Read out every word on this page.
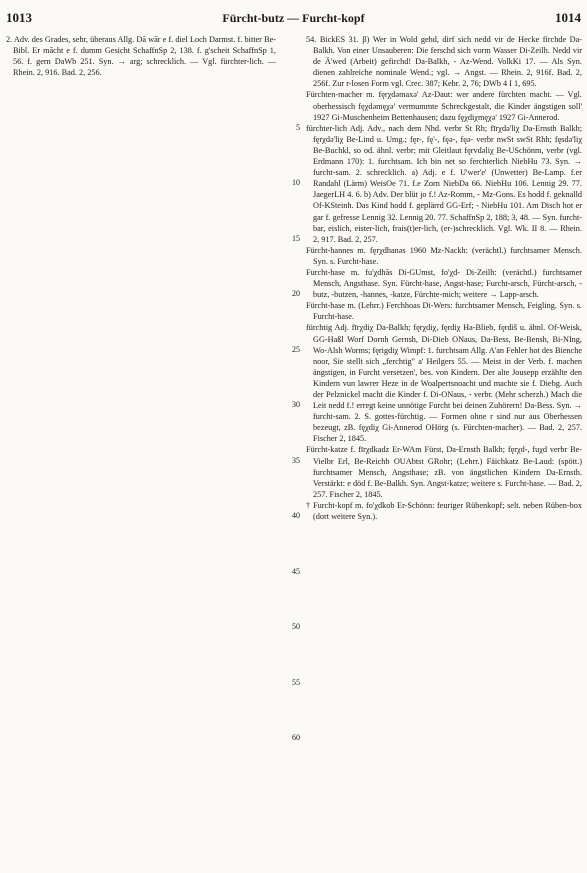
1013	Fürcht-butz — Furcht-kopf	1014

2. Adv. des Grades, sehr, überaus Allg. Dā wār e f. diel Loch Darmst. f. bitter Be-Bibl. Er mācht e f. dumm Gesicht SchaffnSp 2, 138. f. g'scheit SchaffnSp 1, 56. f. gern DaWb 251. Syn. → arg; schrecklich. — Vgl. fürchter-lich. — Rhein. 2, 916. Bad. 2, 256.

5
10
15
20
25
30
35
40
45
50
55
60

54. BickES 31. β) Wer in Wold gehd, dirf sich nedd vir de Hecke firchde Da-Balkh. Von einer Unsauberen: Die ferschd sich vorm Wasser Di-Zeilh. Nedd vir de Ä'wed (Arbeit) gefirchd! Da-Balkh, - Az-Wend. VolkKi 17. — Als Syn. dienen zahlreiche nominale Wend.; vgl. → Angst. — Rhein. 2, 916f. Bad. 2, 256f. Zur r-losen Form vgl. Crec. 387; Kehr. 2, 76; DWb 4 I 1, 695.

Fürchten-macher m. fęrχdəmaxə' Az-Daut: wer andere fürchten macht. — Vgl. oberhessisch fęχdəmęχə' vermummte Schreckgestalt, die Kinder ängstigen soll' 1927 Gi-Muschenheim Bettenhausen; dazu fęχdiχmęχə' 1927 Gi-Annerod.

fürchter-lich Adj. Adv., nach dem Nhd. verbr St Rh; fīrχdə'liχ Da-Ernsth Balkh; fęrχdə'liχ Be-Lind u. Umg.; fęr-, fę'-, fęə-, fęə- verbr nwSt swSt Rhh; fęsdə'liχ Be-Buchkl, so od. ähnl. verbr; mit Gleitlaut fęrvdəliχ Be-USchönm, verbr (vgl. Erdmann 170): 1. furchtsam. Ich bin net so ferchterlich NiebHu 73. Syn. → furcht-sam. 2. schrecklich. a) Adj. e f. U'wer'e' (Unwetter) Be-Lamp. f.er Randahl (Lärm) WeisOe 71. f.e Zorn NiebDa 66. NiebHu 106. Lennig 29. 77. JaegerLH 4. 6. b) Adv. Der blüt jo f.! Az-Romm, - Mz-Gons. Es hodd f. geknalld Of-KSteinh. Das Kind hodd f. geplärrd GG-Erf; - NiebHu 101. Am Disch hot er gar f. gefresse Lennig 32. Lennig 20. 77. SchaffnSp 2, 188; 3, 48. — Syn. furcht-bar, eislich, eister-lich, frais(t)er-lich, (er-)schrecklich. Vgl. Wk. II 8. — Rhein. 2, 917. Bad. 2, 257.

Fürcht-hannes m. fęrχdhanəs 1960 Mz-Nackh: (verächtl.) furchtsamer Mensch. Syn. s. Furcht-hase.

Furcht-hase m. fu'χdhās Di-GUmst, fo'χd- Di-Zeilh: (verächtl.) furchtsamer Mensch, Angsthase. Syn. Fürcht-hase, Angst-hase; Furcht-arsch, Fürcht-arsch, -butz, -butzen, -hannes, -katze, Fürchte-mich; weitere → Lapp-arsch.

Fürcht-hase m. (Lehrr.) Ferchhoas Di-Wers: furchtsamer Mensch, Feigling. Syn. s. Furcht-hase.

fürchtig Adj. fīrχdiχ Da-Balkh; fęrχdiχ, fęrdiχ Ha-Blieb, fęrdiš u. ähnl. Of-Weisk, GG-Haßl Worf Dornh Gernsh, Di-Dieb ONaus, Da-Bess, Be-Bensh, Bi-NIng, Wo-Alsh Worms; fęrigdiχ Wimpf: 1. furchtsam Allg. A'an Fehler hot des Bienche noor, Sie stellt sich „ferchtig" a' Heilgers 55. — Meist in der Verb. f. machen ängstigen, in Furcht versetzen', bes. von Kindern. Der alte Jousepp erzählte den Kindern vun lawrer Heze in de Woalpertsnoacht und machte sie f. Diebg. Auch der Pelznickel macht die Kinder f. Di-ONaus, - verbr. (Mehr scherzh.) Mach die Leit nedd f.! erregt keine unnötige Furcht bei deinen Zuhörern! Da-Bess. Syn. → furcht-sam. 2. S. gottes-fürchtig. — Formen ohne r sind nur aus Oberhessen bezeugt, zB. fęχdiχ Gi-Annerod OHörg (s. Fürchten-macher). — Bad. 2, 257. Fischer 2, 1845.

Fürcht-katze f. fīrχdkadz Er-WAm Fürst, Da-Ernsth Balkh; fęrχd-, fuχd verbr Be-Vielbr Erl, Be-Reichb OUAbtst GRohr; (Lehrr.) Fäichkatz Be-Laud: (spött.) furchtsamer Mensch, Angsthase; zB. von ängstlichen Kindern Da-Ernsth. Verstärkt: e död f. Be-Balkh. Syn. Angst-katze; weitere s. Furcht-hase. — Bad. 2, 257. Fischer 2, 1845.

† Furcht-kopf m. fo'χdkob Er-Schönn: feuriger Rübenkopf; selt. neben Rüben-box (dort weitere Syn.).
